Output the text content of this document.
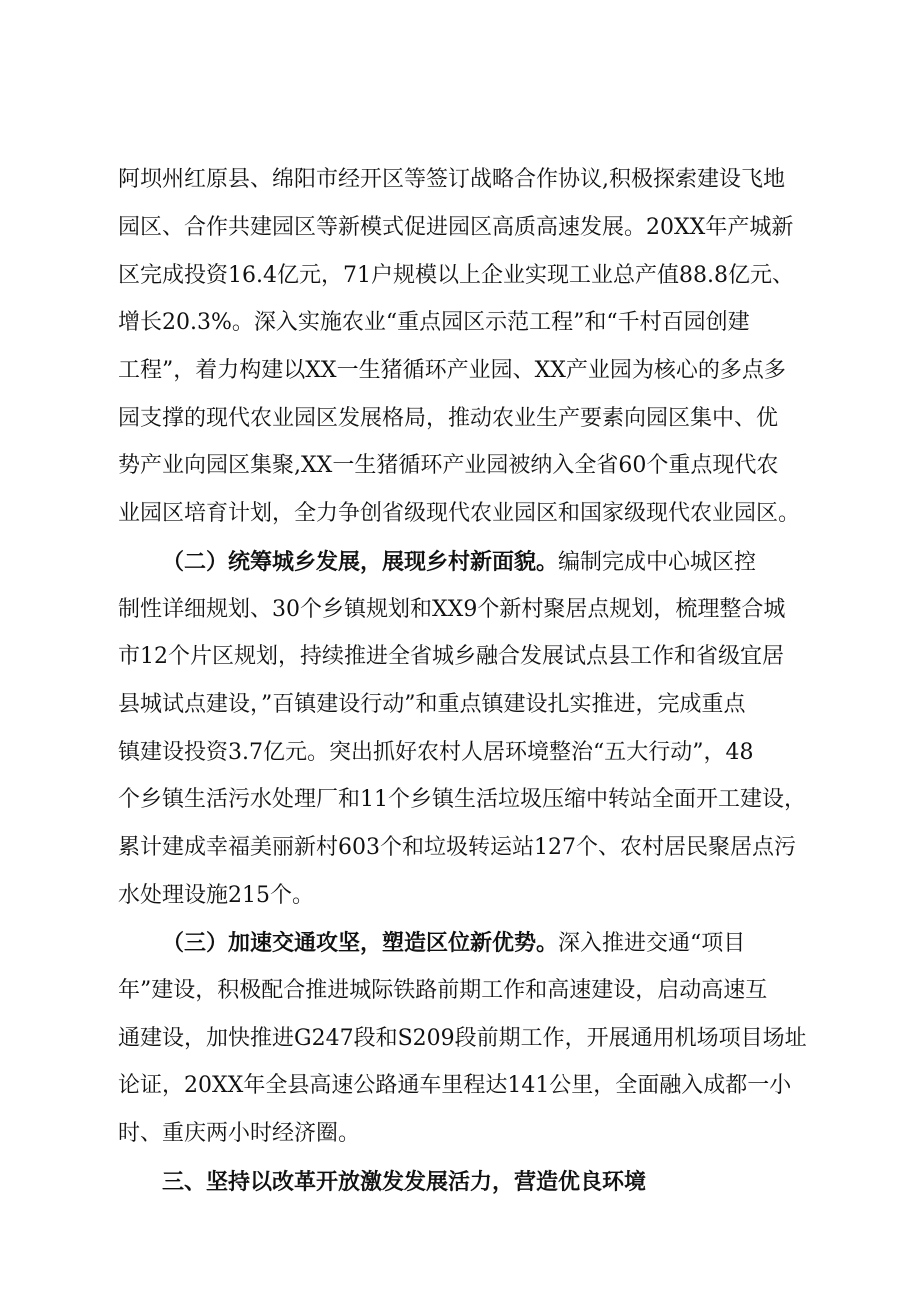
阿坝州红原县、绵阳市经开区等签订战略合作协议,积极探索建设飞地
园区、合作共建园区等新模式促进园区高质高速发展。20XX年产城新
区完成投资16.4亿元，71户规模以上企业实现工业总产值88.8亿元、
增长20.3%。深入实施农业“重点园区示范工程”和“千村百园创建
工程”，着力构建以XX一生猪循环产业园、XX产业园为核心的多点多
园支撑的现代农业园区发展格局，推动农业生产要素向园区集中、优
势产业向园区集聚,XX一生猪循环产业园被纳入全省60个重点现代农
业园区培育计划，全力争创省级现代农业园区和国家级现代农业园区。
（二）统筹城乡发展，展现乡村新面貌。编制完成中心城区控
制性详细规划、30个乡镇规划和XX9个新村聚居点规划，梳理整合城
市12个片区规划，持续推进全省城乡融合发展试点县工作和省级宜居
县城试点建设，”百镇建设行动”和重点镇建设扎实推进，完成重点
镇建设投资3.7亿元。突出抓好农村人居环境整治“五大行动”，48
个乡镇生活污水处理厂和11个乡镇生活垃圾压缩中转站全面开工建设，
累计建成幸福美丽新村603个和垃圾转运站127个、农村居民聚居点污
水处理设施215个。
（三）加速交通攻坚，塑造区位新优势。深入推进交通“项目
年”建设，积极配合推进城际铁路前期工作和高速建设，启动高速互
通建设，加快推进G247段和S209段前期工作，开展通用机场项目场址
论证，20XX年全县高速公路通车里程达141公里，全面融入成都一小
时、重庆两小时经济圈。
三、坚持以改革开放激发发展活力，营造优良环境
